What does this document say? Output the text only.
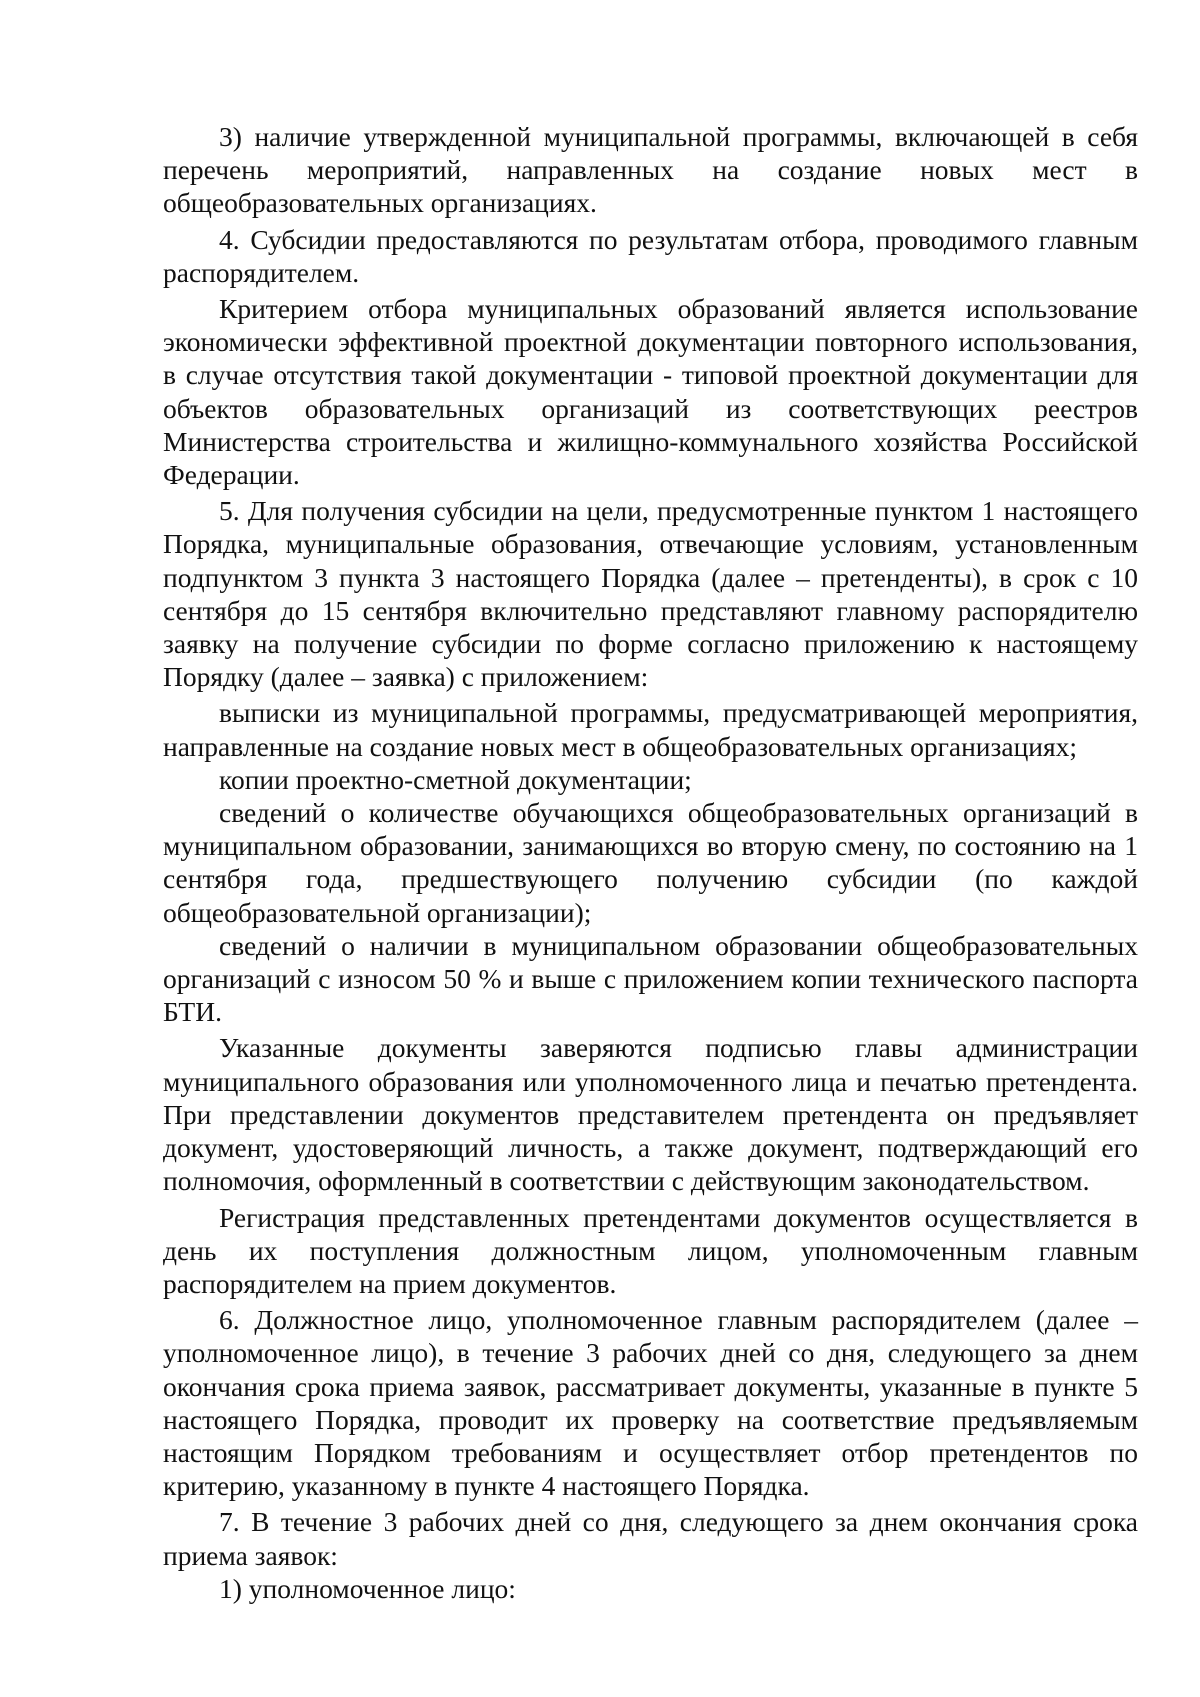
3) наличие утвержденной муниципальной программы, включающей в себя перечень мероприятий, направленных на создание новых мест в общеобразовательных организациях.

4. Субсидии предоставляются по результатам отбора, проводимого главным распорядителем.

Критерием отбора муниципальных образований является использование экономически эффективной проектной документации повторного использования, в случае отсутствия такой документации - типовой проектной документации для объектов образовательных организаций из соответствующих реестров Министерства строительства и жилищно-коммунального хозяйства Российской Федерации.

5. Для получения субсидии на цели, предусмотренные пунктом 1 настоящего Порядка, муниципальные образования, отвечающие условиям, установленным подпунктом 3 пункта 3 настоящего Порядка (далее – претенденты), в срок с 10 сентября до 15 сентября включительно представляют главному распорядителю заявку на получение субсидии по форме согласно приложению к настоящему Порядку (далее – заявка) с приложением:

выписки из муниципальной программы, предусматривающей мероприятия, направленные на создание новых мест в общеобразовательных организациях;

копии проектно-сметной документации;

сведений о количестве обучающихся общеобразовательных организаций в муниципальном образовании, занимающихся во вторую смену, по состоянию на 1 сентября года, предшествующего получению субсидии (по каждой общеобразовательной организации);

сведений о наличии в муниципальном образовании общеобразовательных организаций с износом 50 % и выше с приложением копии технического паспорта БТИ.

Указанные документы заверяются подписью главы администрации муниципального образования или уполномоченного лица и печатью претендента. При представлении документов представителем претендента он предъявляет документ, удостоверяющий личность, а также документ, подтверждающий его полномочия, оформленный в соответствии с действующим законодательством.

Регистрация представленных претендентами документов осуществляется в день их поступления должностным лицом, уполномоченным главным распорядителем на прием документов.

6. Должностное лицо, уполномоченное главным распорядителем (далее – уполномоченное лицо), в течение 3 рабочих дней со дня, следующего за днем окончания срока приема заявок, рассматривает документы, указанные в пункте 5 настоящего Порядка, проводит их проверку на соответствие предъявляемым настоящим Порядком требованиям и осуществляет отбор претендентов по критерию, указанному в пункте 4 настоящего Порядка.

7. В течение 3 рабочих дней со дня, следующего за днем окончания срока приема заявок:

1) уполномоченное лицо:
